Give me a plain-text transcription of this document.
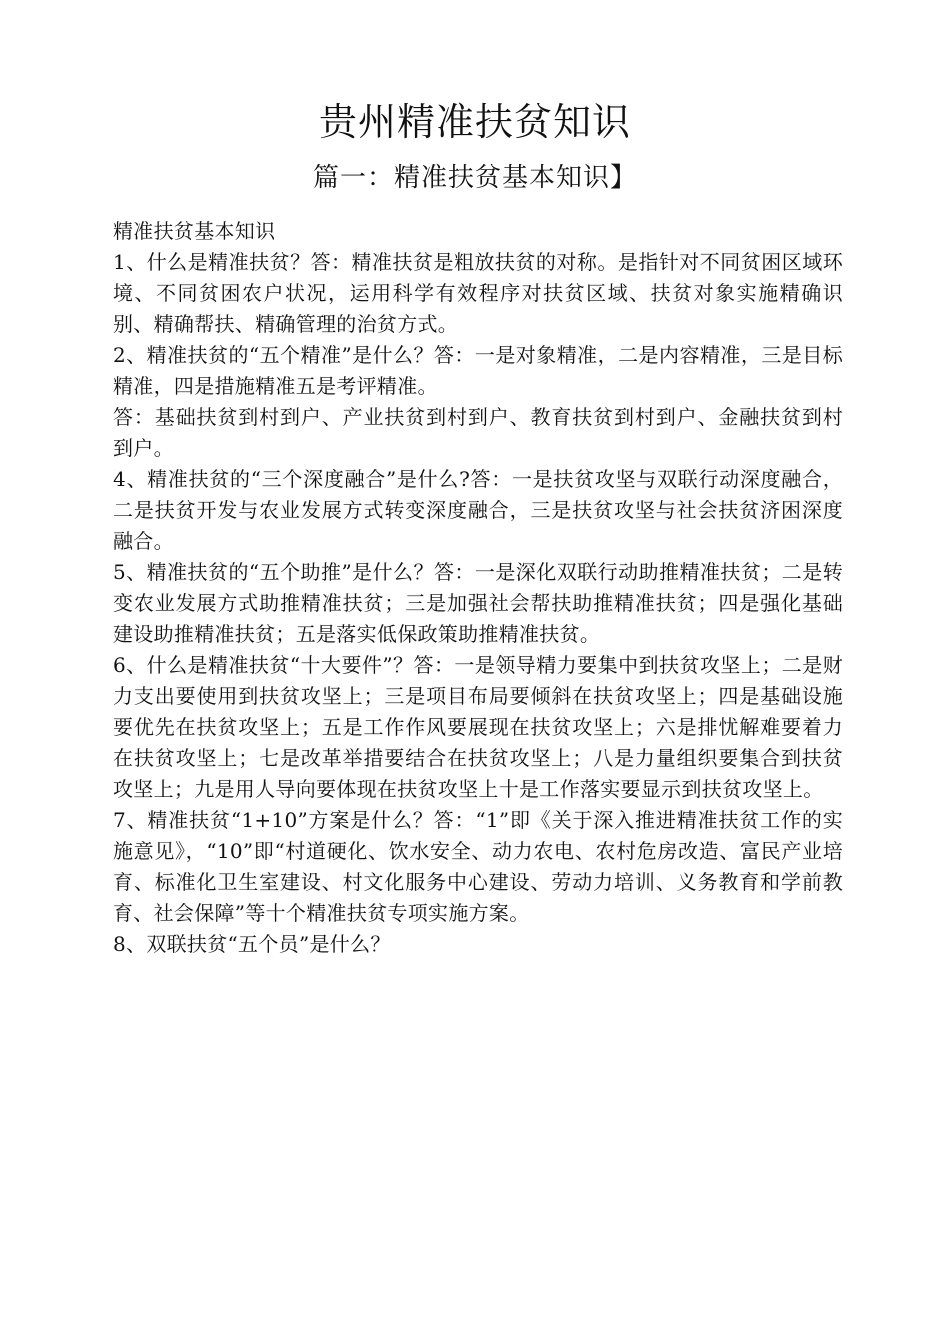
贵州精准扶贫知识
篇一：精准扶贫基本知识】

精准扶贫基本知识

1、什么是精准扶贫？答：精准扶贫是粗放扶贫的对称。是指针对不同贫困区域环境、不同贫困农户状况，运用科学有效程序对扶贫区域、扶贫对象实施精确识别、精确帮扶、精确管理的治贫方式。

2、精准扶贫的“五个精准”是什么？答：一是对象精准，二是内容精准，三是目标精准，四是措施精准五是考评精准。

答：基础扶贫到村到户、产业扶贫到村到户、教育扶贫到村到户、金融扶贫到村到户。

4、精准扶贫的“三个深度融合”是什么?答：一是扶贫攻坚与双联行动深度融合，二是扶贫开发与农业发展方式转变深度融合，三是扶贫攻坚与社会扶贫济困深度融合。

5、精准扶贫的“五个助推”是什么？答：一是深化双联行动助推精准扶贫；二是转变农业发展方式助推精准扶贫；三是加强社会帮扶助推精准扶贫；四是强化基础建设助推精准扶贫；五是落实低保政策助推精准扶贫。

6、什么是精准扶贫“十大要件”？答：一是领导精力要集中到扶贫攻坚上；二是财力支出要使用到扶贫攻坚上；三是项目布局要倾斜在扶贫攻坚上；四是基础设施要优先在扶贫攻坚上；五是工作作风要展现在扶贫攻坚上；六是排忧解难要着力在扶贫攻坚上；七是改革举措要结合在扶贫攻坚上；八是力量组织要集合到扶贫攻坚上；九是用人导向要体现在扶贫攻坚上十是工作落实要显示到扶贫攻坚上。

7、精准扶贫“1+10”方案是什么？答：“1”即《关于深入推进精准扶贫工作的实施意见》，“10”即“村道硬化、饮水安全、动力农电、农村危房改造、富民产业培育、标准化卫生室建设、村文化服务中心建设、劳动力培训、义务教育和学前教育、社会保障”等十个精准扶贫专项实施方案。

8、双联扶贫“五个员”是什么？
